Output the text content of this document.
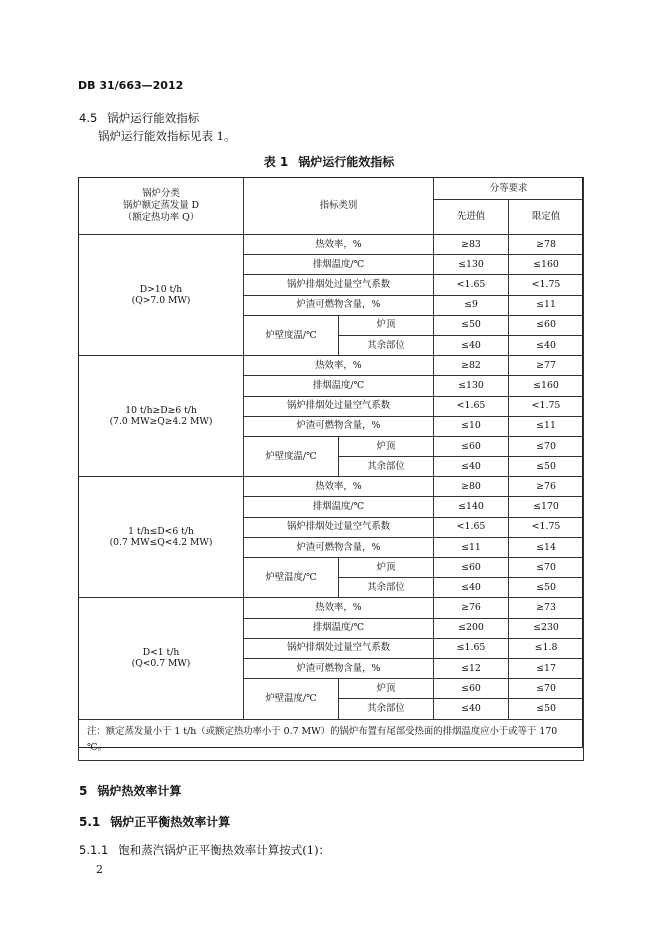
DB 31/663—2012
4.5 锅炉运行能效指标
锅炉运行能效指标见表 1。
表 1 锅炉运行能效指标
锅炉分类
锅炉额定蒸发量 D
（额定热功率 Q）	指标类别		分等要求	
			先进值	限定值

D>10 t/h
(Q>7.0 MW)	热效率，%		≥83	≥78
	排烟温度/℃		≤130	≤160
	锅炉排烟处过量空气系数		<1.65	<1.75
	炉渣可燃物含量，%		≤9	≤11
	炉壁度温/℃	炉顶	≤50	≤60
		其余部位	≤40	≤40

10 t/h≥D≥6 t/h
(7.0 MW≥Q≥4.2 MW)	热效率，%		≥82	≥77
	排烟温度/℃		≤130	≤160
	锅炉排烟处过量空气系数		<1.65	<1.75
	炉渣可燃物含量，%		≤10	≤11
	炉壁度温/℃	炉顶	≤60	≤70
		其余部位	≤40	≤50

1 t/h≤D<6 t/h
(0.7 MW≤Q<4.2 MW)	热效率，%		≥80	≥76
	排烟温度/℃		≤140	≤170
	锅炉排烟处过量空气系数		<1.65	<1.75
	炉渣可燃物含量，%		≤11	≤14
	炉壁温度/℃	炉顶	≤60	≤70
		其余部位	≤40	≤50

D<1 t/h
(Q<0.7 MW)	热效率，%		≥76	≥73
	排烟温度/℃		≤200	≤230
	锅炉排烟处过量空气系数		≤1.65	≤1.8
	炉渣可燃物含量，%		≤12	≤17
	炉壁温度/℃	炉顶	≤60	≤70
		其余部位	≤40	≤50
注：额定蒸发量小于 1 t/h（或额定热功率小于 0.7 MW）的锅炉布置有尾部受热面的排烟温度应小于或等于 170 ℃。				
5 锅炉热效率计算
5.1 锅炉正平衡热效率计算
5.1.1 饱和蒸汽锅炉正平衡热效率计算按式(1)：
2
